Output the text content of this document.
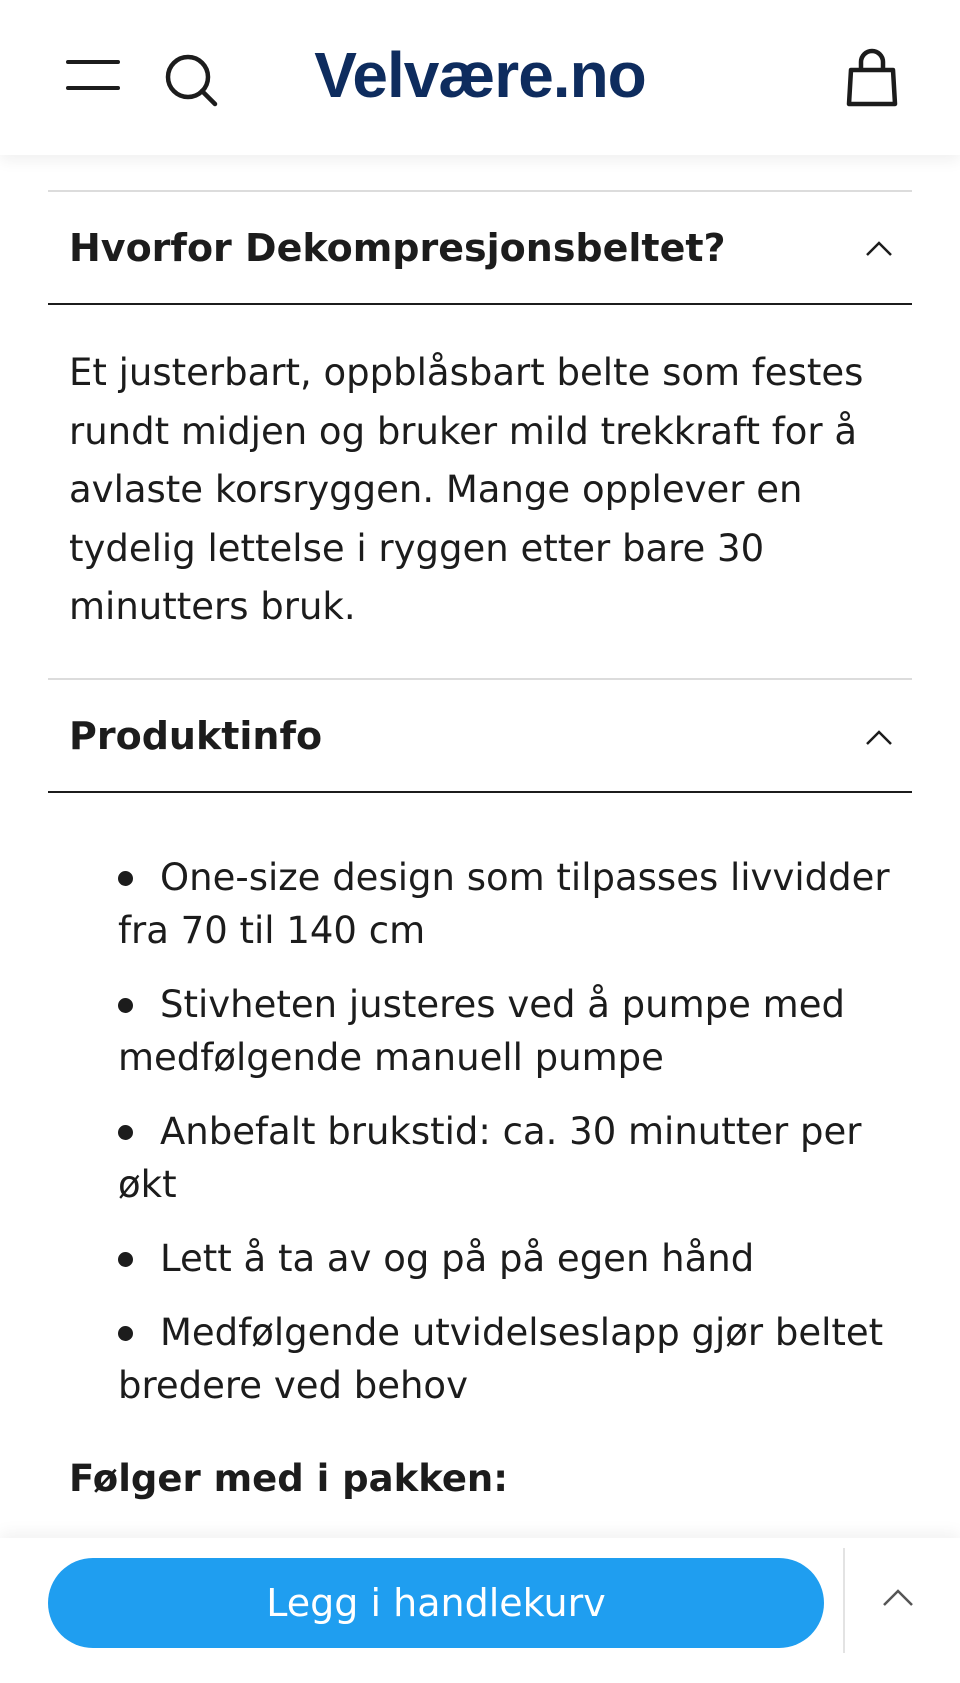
Velvære.no
Hvorfor Dekompresjonsbeltet?

Et justerbart, oppblåsbart belte som festes rundt midjen og bruker mild trekkraft for å avlaste korsryggen. Mange opplever en tydelig lettelse i ryggen etter bare 30 minutters bruk.

Produktinfo
One-size design som tilpasses livvidder fra 70 til 140 cm
Stivheten justeres ved å pumpe med medfølgende manuell pumpe
Anbefalt brukstid: ca. 30 minutter per økt
Lett å ta av og på på egen hånd
Medfølgende utvidelseslapp gjør beltet bredere ved behov
Følger med i pakken:
Legg i handlekurv
